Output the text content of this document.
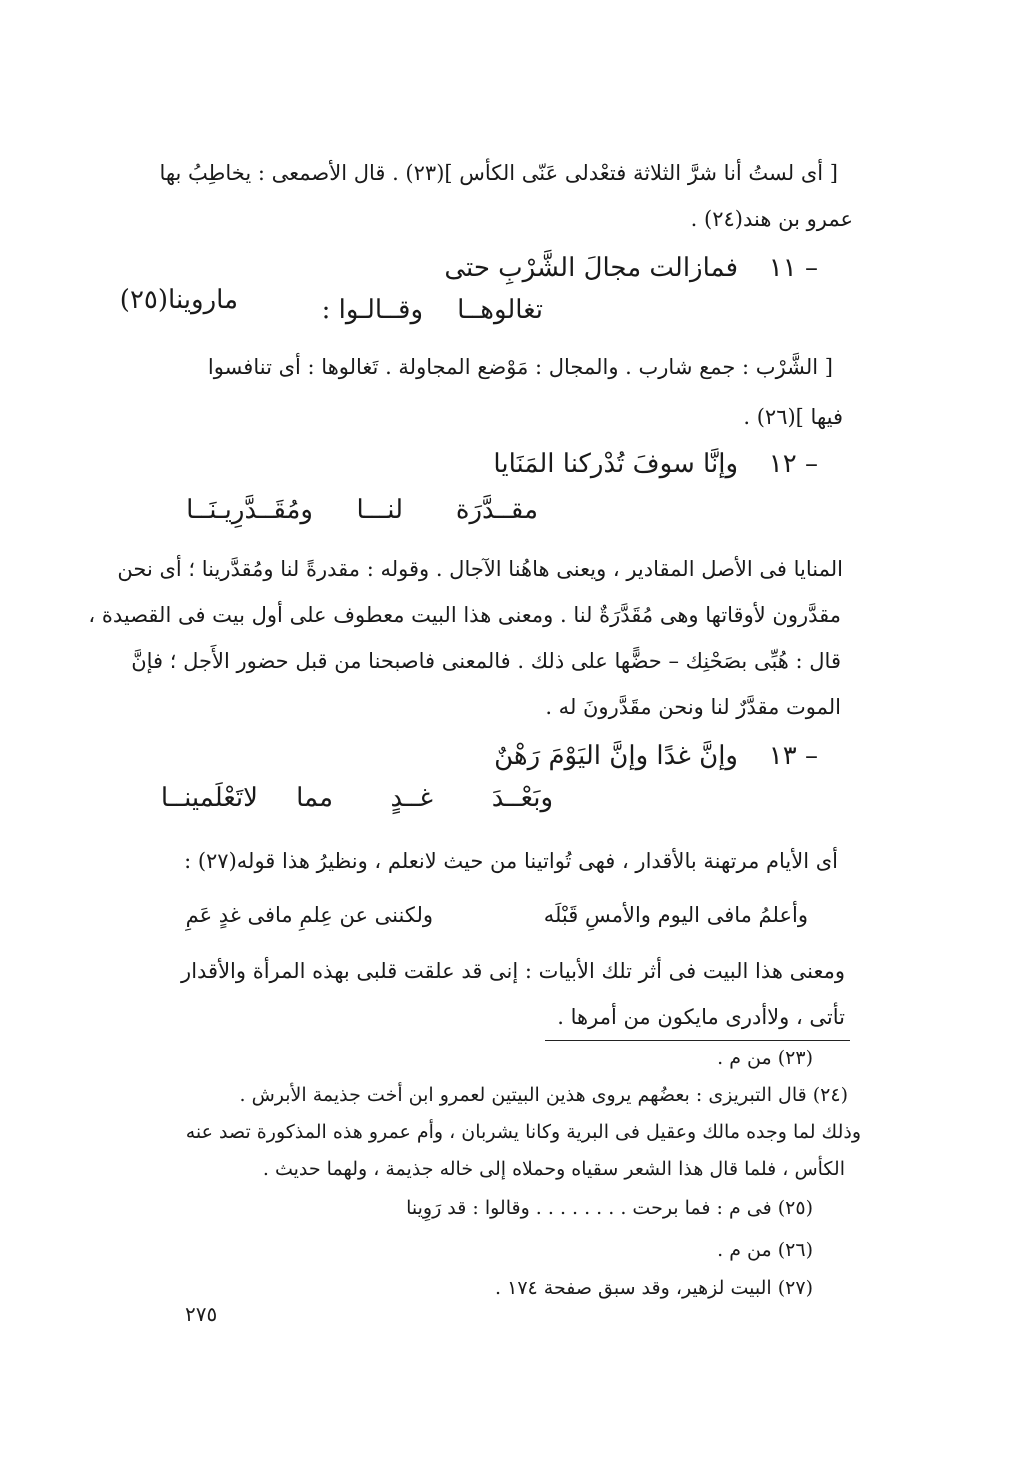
[ أى لستُ أنا شرَّ الثلاثة فتعْدلى عَنّى الكأس ](٢٣) . قال الأصمعى : يخاطِبُ بها
عمرو بن هند(٢٤) .
١١ –
فمازالت مجالَ الشَّرْبِ حتى
تغالوهــا
وقــالـوا :
ماروينا(٢٥)
[ الشَّرْب : جمع شارب . والمجال : مَوْضع المجاولة . تَغالوها : أى تنافسوا
فيها ](٢٦) .
١٢ –
وإنَّا سوفَ تُدْركنا المَنَايا
مقــدَّرَة
لنـــا
ومُقَــدَّرِيـنَــا
المنايا فى الأصل المقادير ، ويعنى هاهُنا الآجال . وقوله : مقدرةً لنا ومُقدَّرينا ؛ أى نحن
مقدَّرون لأوقاتها وهى مُقَدَّرَةٌ لنا . ومعنى هذا البيت معطوف على أول بيت فى القصيدة ،
قال : هُبِّى بصَحْنِك – حضًّها على ذلك . فالمعنى فاصبحنا من قبل حضور الأَجل ؛ فإنَّ
الموت مقدَّرٌ لنا ونحن مقَدَّرونَ له .
١٣ –
وإنَّ غدًا وإنَّ اليَوْمَ رَهْنٌ
وبَعْــدَ
غــدٍ
مما
لاتَعْلَمينــا
أى الأيام مرتهنة بالأقدار ، فهى تُواتينا من حيث لانعلم ، ونظيرُ هذا قوله(٢٧) :
وأعلمُ مافى اليوم والأمسِ قَبْلَه
ولكننى عن عِلمِ مافى غدٍ عَمِ
ومعنى هذا البيت فى أثر تلك الأبيات : إنى قد علقت قلبى بهذه المرأة والأقدار
تأتى ، ولاأدرى مايكون من أمرها .
(٢٣) من م .
(٢٤) قال التبريزى : بعضُهم يروى هذين البيتين لعمرو ابن أخت جذيمة الأبرش .
وذلك لما وجده مالك وعقيل فى البرية وكانا يشربان ، وأم عمرو هذه المذكورة تصد عنه
الكأس ، فلما قال هذا الشعر سقياه وحملاه إلى خاله جذيمة ، ولهما حديث .
(٢٥) فى م : فما برحت . . . . . . . . وقالوا : قد رَوِينا
(٢٦) من م .
(٢٧) البيت لزهير، وقد سبق صفحة ١٧٤ .
٢٧٥
